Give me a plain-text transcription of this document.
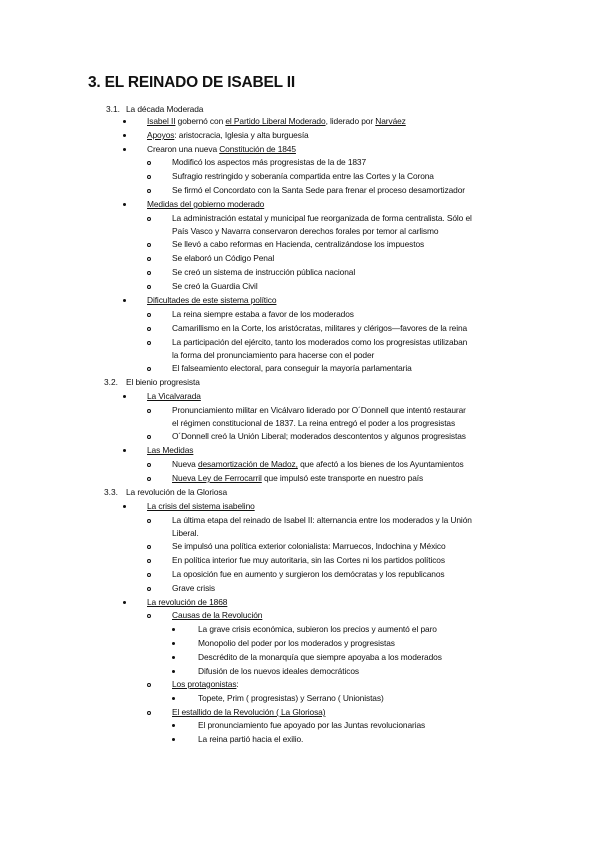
3. EL REINADO DE ISABEL II
3.1. La década Moderada
Isabel II gobernó con el Partido Liberal Moderado, liderado por Narváez
Apoyos: aristocracia, Iglesia y alta burguesía
Crearon una nueva Constitución de 1845
Modificó los aspectos más progresistas de la de 1837
Sufragio restringido y soberanía compartida entre las Cortes y la Corona
Se firmó el Concordato con la Santa Sede para frenar el proceso desamortizador
Medidas del gobierno moderado
La administración estatal y municipal fue reorganizada de forma centralista. Sólo el
País Vasco y Navarra conservaron derechos forales por temor al carlismo
Se llevó a cabo reformas en Hacienda, centralizándose los impuestos
Se elaboró un Código Penal
Se creó un sistema de instrucción pública nacional
Se creó la Guardia Civil
Dificultades de este sistema político
La reina siempre estaba a favor de los moderados
Camarillismo en la Corte, los aristócratas, militares y clérigos—favores de la reina
La participación del ejército, tanto los moderados como los progresistas utilizaban
la forma del pronunciamiento para hacerse con el poder
El falseamiento electoral, para conseguir la mayoría parlamentaria
3.2. El bienio progresista
La Vicalvarada
Pronunciamiento militar en Vicálvaro liderado por O´Donnell que intentó restaurar
el régimen constitucional de 1837. La reina entregó el poder a los progresistas
O´Donnell creó la Unión Liberal; moderados descontentos y algunos progresistas
Las Medidas
Nueva desamortización de Madoz, que afectó a los bienes de los Ayuntamientos
Nueva Ley de Ferrocarril que impulsó este transporte en nuestro país
3.3. La revolución de la Gloriosa
La crisis del sistema isabelino
La última etapa del reinado de Isabel II: alternancia entre los moderados y la Unión
Liberal.
Se impulsó una política exterior colonialista: Marruecos, Indochina y México
En política interior fue muy autoritaria, sin las Cortes ni los partidos políticos
La oposición fue en aumento y surgieron los demócratas y los republicanos
Grave crisis
La revolución de 1868
Causas de la Revolución
La grave crisis económica, subieron los precios y aumentó el paro
Monopolio del poder por los moderados y progresistas
Descrédito de la monarquía que siempre apoyaba a los moderados
Difusión de los nuevos ideales democráticos
Los protagonistas:
Topete, Prim ( progresistas) y Serrano ( Unionistas)
El estallido de la Revolución ( La Gloriosa)
El pronunciamiento fue apoyado por las Juntas revolucionarias
La reina partió hacia el exilio.
